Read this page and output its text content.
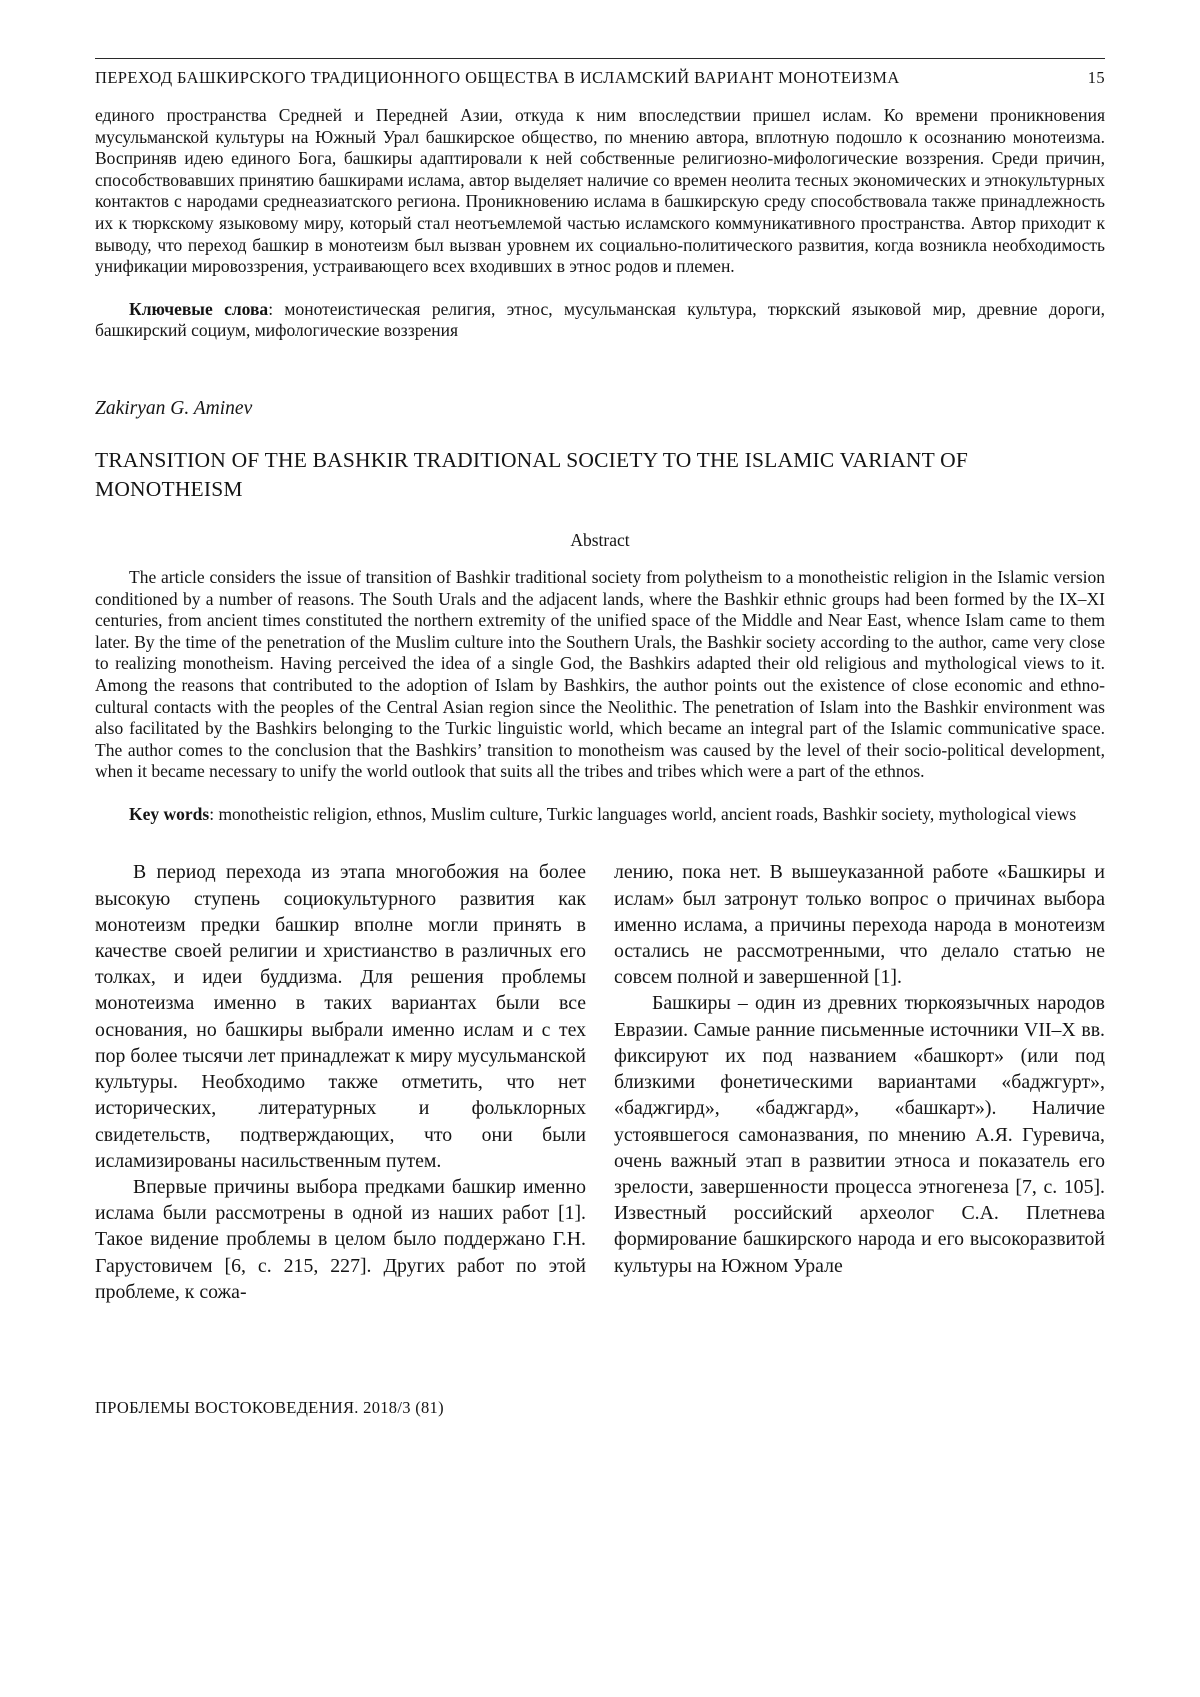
ПЕРЕХОД БАШКИРСКОГО ТРАДИЦИОННОГО ОБЩЕСТВА В ИСЛАМСКИЙ ВАРИАНТ МОНОТЕИЗМА	15

единого пространства Средней и Передней Азии, откуда к ним впоследствии пришел ислам. Ко времени проникновения мусульманской культуры на Южный Урал башкирское общество, по мнению автора, вплотную подошло к осознанию монотеизма. Восприняв идею единого Бога, башкиры адаптировали к ней собственные религиозно-мифологические воззрения. Среди причин, способствовавших принятию башкирами ислама, автор выделяет наличие со времен неолита тесных экономических и этнокультурных контактов с народами среднеазиатского региона. Проникновению ислама в башкирскую среду способствовала также принадлежность их к тюркскому языковому миру, который стал неотъемлемой частью исламского коммуникативного пространства. Автор приходит к выводу, что переход башкир в монотеизм был вызван уровнем их социально-политического развития, когда возникла необходимость унификации мировоззрения, устраивающего всех входивших в этнос родов и племен.

Ключевые слова: монотеистическая религия, этнос, мусульманская культура, тюркский языковой мир, древние дороги, башкирский социум, мифологические воззрения

Zakiryan G. Aminev
TRANSITION OF THE BASHKIR TRADITIONAL SOCIETY TO THE ISLAMIC VARIANT OF MONOTHEISM
Abstract

The article considers the issue of transition of Bashkir traditional society from polytheism to a monotheistic religion in the Islamic version conditioned by a number of reasons. The South Urals and the adjacent lands, where the Bashkir ethnic groups had been formed by the IX–XI centuries, from ancient times constituted the northern extremity of the unified space of the Middle and Near East, whence Islam came to them later. By the time of the penetration of the Muslim culture into the Southern Urals, the Bashkir society according to the author, came very close to realizing monotheism. Having perceived the idea of a single God, the Bashkirs adapted their old religious and mythological views to it. Among the reasons that contributed to the adoption of Islam by Bashkirs, the author points out the existence of close economic and ethno-cultural contacts with the peoples of the Central Asian region since the Neolithic. The penetration of Islam into the Bashkir environment was also facilitated by the Bashkirs belonging to the Turkic linguistic world, which became an integral part of the Islamic communicative space. The author comes to the conclusion that the Bashkirs’ transition to monotheism was caused by the level of their socio-political development, when it became necessary to unify the world outlook that suits all the tribes and tribes which were a part of the ethnos.

Key words: monotheistic religion, ethnos, Muslim culture, Turkic languages world, ancient roads, Bashkir society, mythological views

В период перехода из этапа многобожия на более высокую ступень социокультурного развития как монотеизм предки башкир вполне могли принять в качестве своей религии и христианство в различных его толках, и идеи буддизма. Для решения проблемы монотеизма именно в таких вариантах были все основания, но башкиры выбрали именно ислам и с тех пор более тысячи лет принадлежат к миру мусульманской культуры. Необходимо также отметить, что нет исторических, литературных и фольклорных свидетельств, подтверждающих, что они были исламизированы насильственным путем.

Впервые причины выбора предками башкир именно ислама были рассмотрены в одной из наших работ [1]. Такое видение проблемы в целом было поддержано Г.Н. Гарустовичем [6, с. 215, 227]. Других работ по этой проблеме, к сожа-

лению, пока нет. В вышеуказанной работе «Башкиры и ислам» был затронут только вопрос о причинах выбора именно ислама, а причины перехода народа в монотеизм остались не рассмотренными, что делало статью не совсем полной и завершенной [1].

Башкиры – один из древних тюркоязычных народов Евразии. Самые ранние письменные источники VII–X вв. фиксируют их под названием «башкорт» (или под близкими фонетическими вариантами «баджгурт», «баджгирд», «баджгард», «башкарт»). Наличие устоявшегося самоназвания, по мнению А.Я. Гуревича, очень важный этап в развитии этноса и показатель его зрелости, завершенности процесса этногенеза [7, с. 105]. Известный российский археолог С.А. Плетнева формирование башкирского народа и его высокоразвитой культуры на Южном Урале

ПРОБЛЕМЫ ВОСТОКОВЕДЕНИЯ. 2018/3 (81)
